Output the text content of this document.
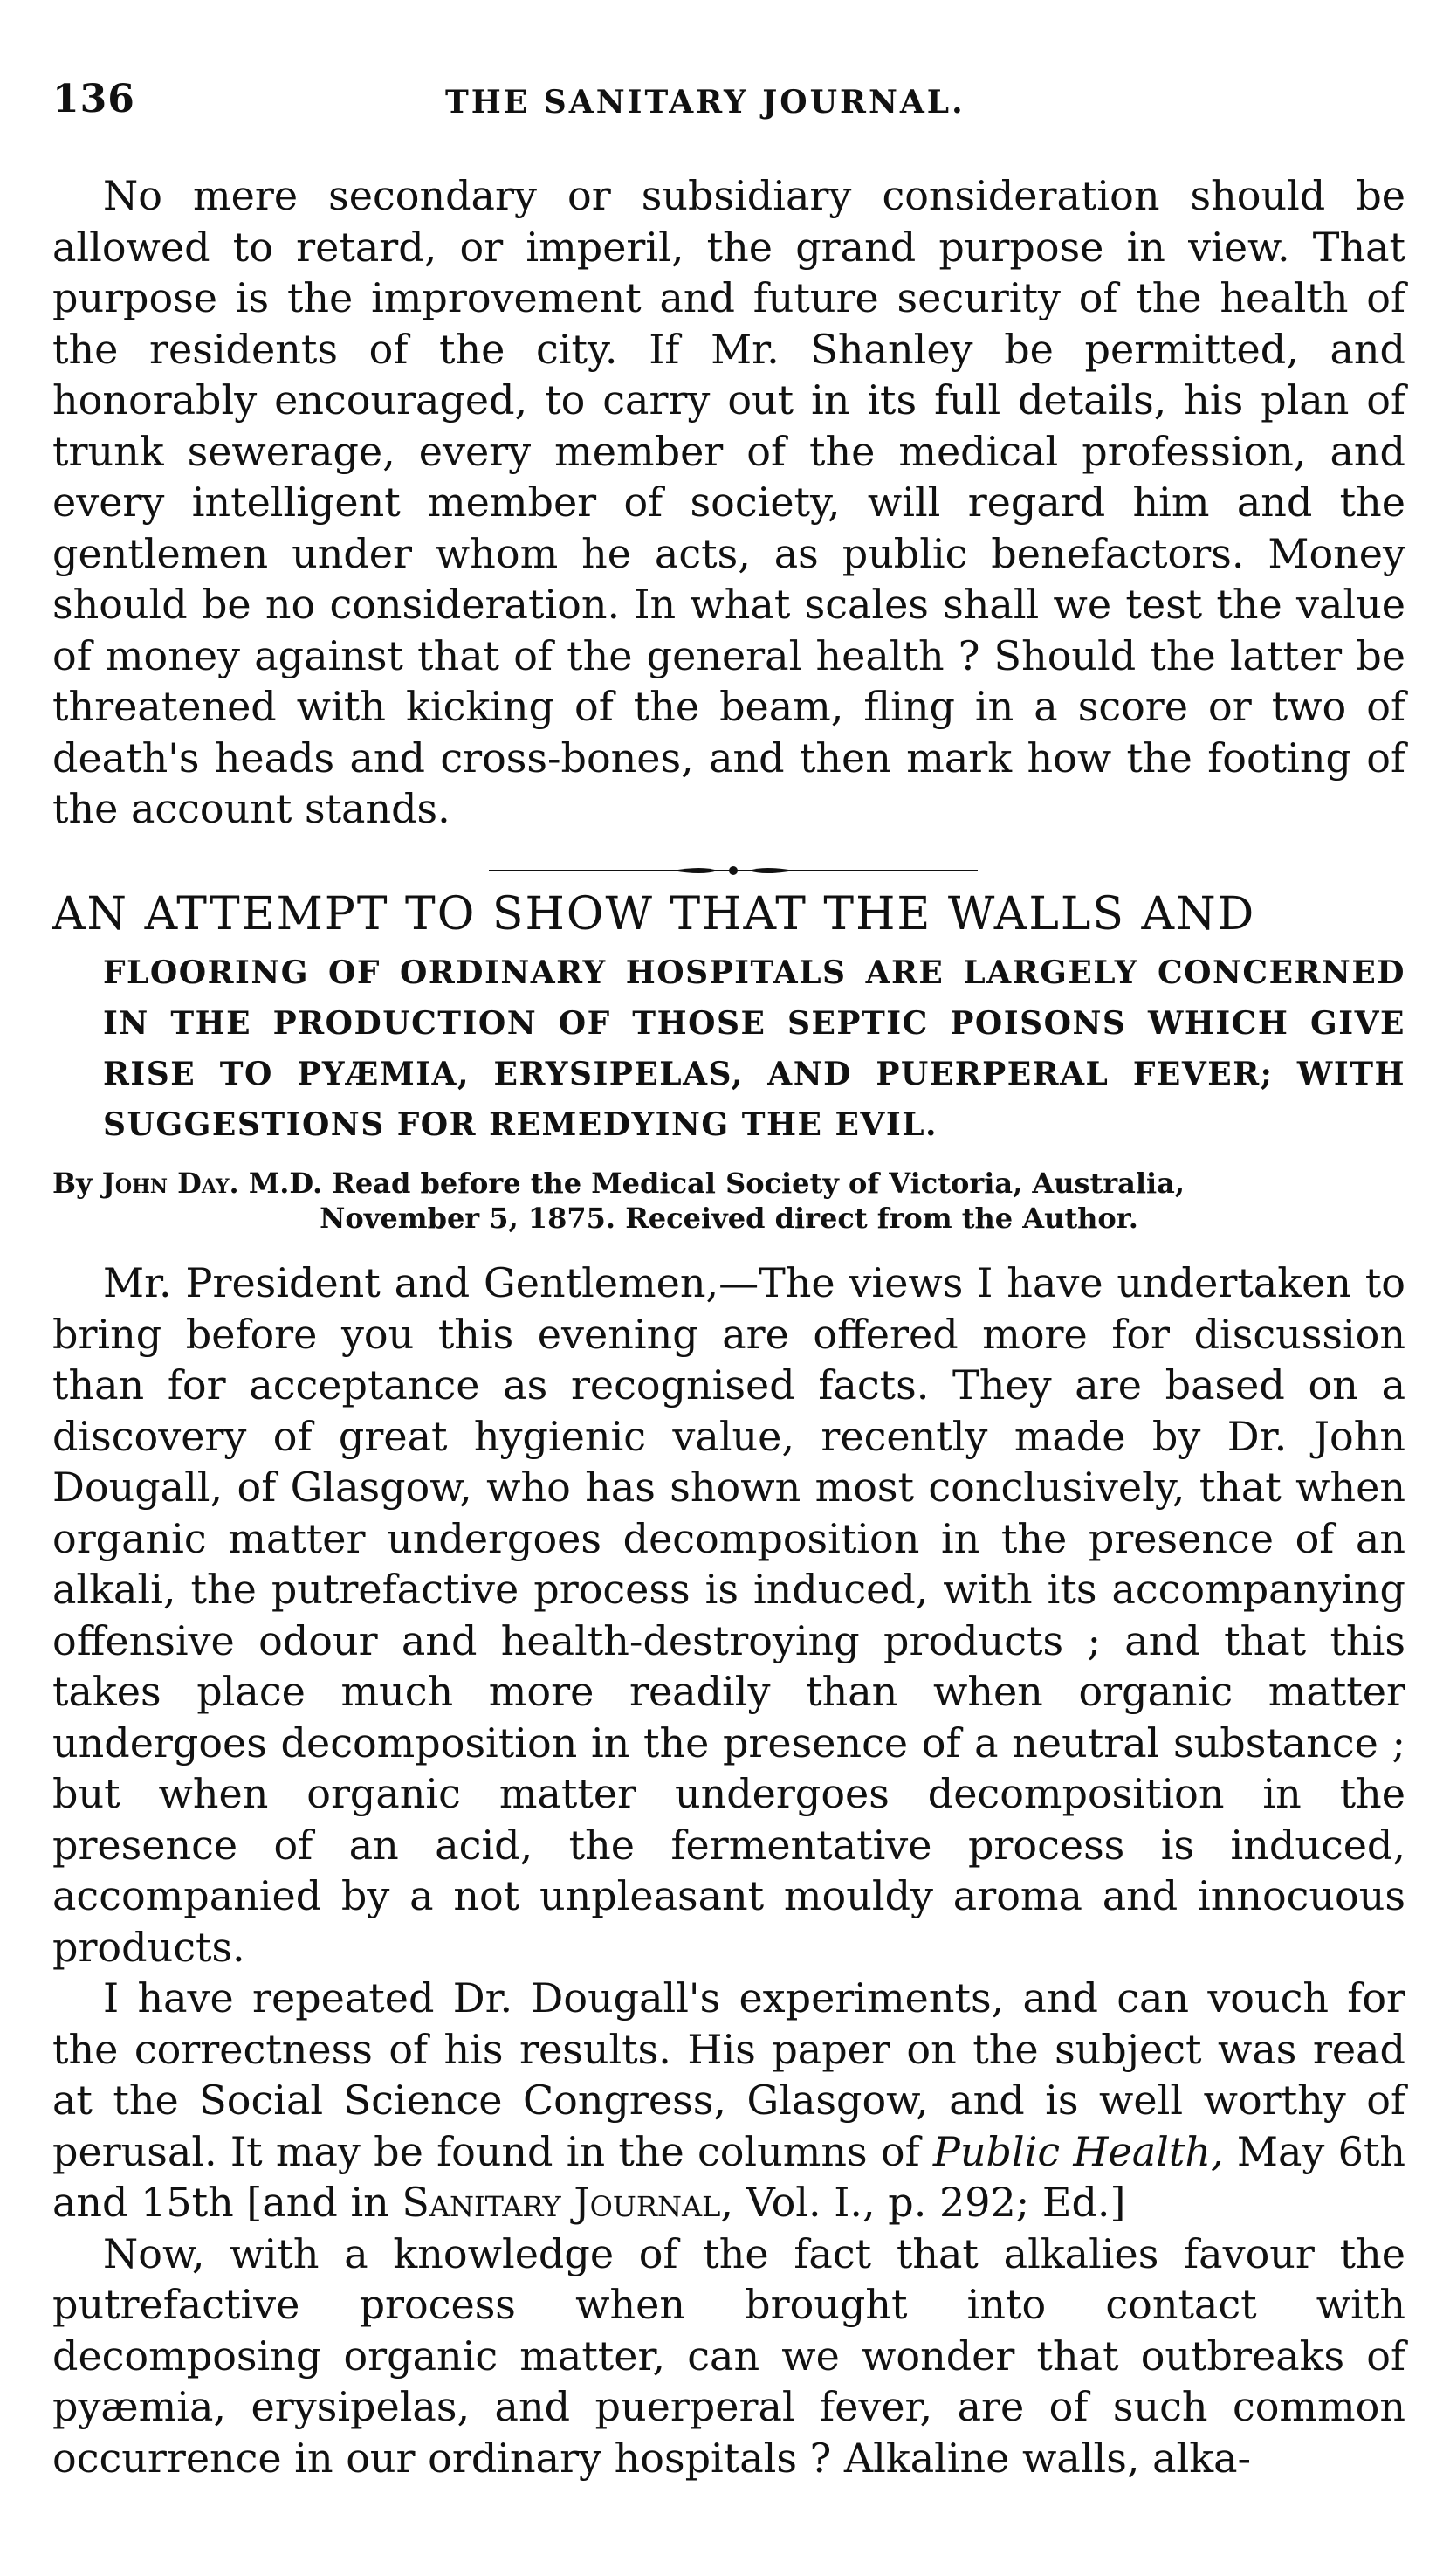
136	THE SANITARY JOURNAL.

No mere secondary or subsidiary consideration should be allowed to retard, or imperil, the grand purpose in view. That purpose is the improvement and future security of the health of the residents of the city. If Mr. Shanley be permitted, and honorably encouraged, to carry out in its full details, his plan of trunk sewerage, every member of the medical profession, and every intelligent member of society, will regard him and the gentlemen under whom he acts, as public benefactors. Money should be no consideration. In what scales shall we test the value of money against that of the general health ? Should the latter be threatened with kicking of the beam, fling in a score or two of death's heads and cross-bones, and then mark how the footing of the account stands.

AN ATTEMPT TO SHOW THAT THE WALLS AND

FLOORING OF ORDINARY HOSPITALS ARE LARGELY CONCERNED IN THE PRODUCTION OF THOSE SEPTIC POISONS WHICH GIVE RISE TO PYÆMIA, ERYSIPELAS, AND PUERPERAL FEVER; WITH SUGGESTIONS FOR REMEDYING THE EVIL.

By John Day. M.D. Read before the Medical Society of Victoria, Australia,

November 5, 1875. Received direct from the Author.

Mr. President and Gentlemen,—The views I have undertaken to bring before you this evening are offered more for discussion than for acceptance as recognised facts. They are based on a discovery of great hygienic value, recently made by Dr. John Dougall, of Glasgow, who has shown most conclusively, that when organic matter undergoes decomposition in the presence of an alkali, the putrefactive process is induced, with its accompanying offensive odour and health-destroying products ; and that this takes place much more readily than when organic matter undergoes decomposition in the presence of a neutral substance ; but when organic matter undergoes decomposition in the presence of an acid, the fermentative process is induced, accompanied by a not unpleasant mouldy aroma and innocuous products.

I have repeated Dr. Dougall's experiments, and can vouch for the correctness of his results. His paper on the subject was read at the Social Science Congress, Glasgow, and is well worthy of perusal. It may be found in the columns of Public Health, May 6th and 15th [and in Sanitary Journal, Vol. I., p. 292; Ed.]

Now, with a knowledge of the fact that alkalies favour the putrefactive process when brought into contact with decomposing organic matter, can we wonder that outbreaks of pyæmia, erysipelas, and puerperal fever, are of such common occurrence in our ordinary hospitals ? Alkaline walls, alka-
